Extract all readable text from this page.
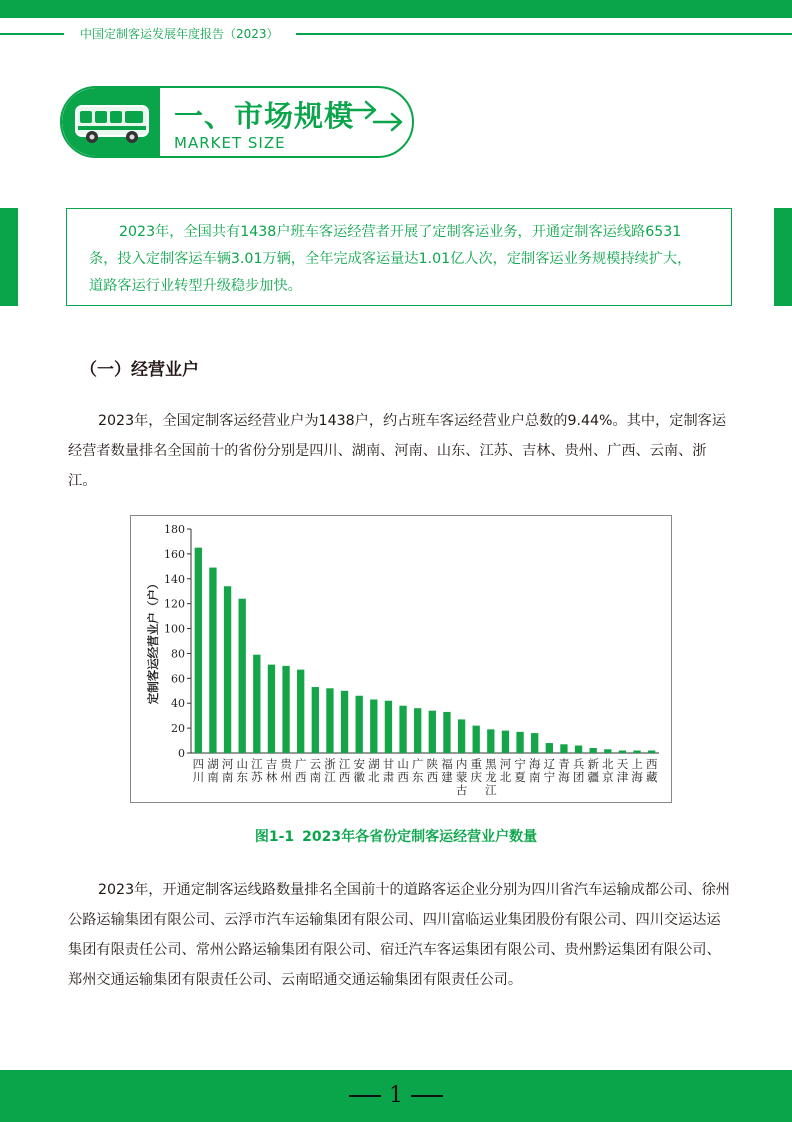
中国定制客运发展年度报告（2023）
一、市场规模
MARKET SIZE

2023年，全国共有1438户班车客运经营者开展了定制客运业务，开通定制客运线路6531条，投入定制客运车辆3.01万辆，全年完成客运量达1.01亿人次，定制客运业务规模持续扩大，道路客运行业转型升级稳步加快。

（一）经营业户
2023年，全国定制客运经营业户为1438户，约占班车客运经营业户总数的9.44%。其中，定制客运经营者数量排名全国前十的省份分别是四川、湖南、河南、山东、江苏、吉林、贵州、广西、云南、浙江。
0
20
40
60
80
100
120
140
160
180
定制客运经营业户（户）
四
川
湖
南
河
南
山
东
江
苏
吉
林
贵
州
广
西
云
南
浙
江
江
西
安
徽
湖
北
甘
肃
山
西
广
东
陕
西
福
建
内
蒙
古
重
庆
黑
龙
江
河
北
宁
夏
海
南
辽
宁
青
海
兵
团
新
疆
北
京
天
津
上
海
西
藏
图1-1 2023年各省份定制客运经营业户数量
2023年，开通定制客运线路数量排名全国前十的道路客运企业分别为四川省汽车运输成都公司、徐州公路运输集团有限公司、云浮市汽车运输集团有限公司、四川富临运业集团股份有限公司、四川交运达运集团有限责任公司、常州公路运输集团有限公司、宿迁汽车客运集团有限公司、贵州黔运集团有限公司、郑州交通运输集团有限责任公司、云南昭通交通运输集团有限责任公司。
1
